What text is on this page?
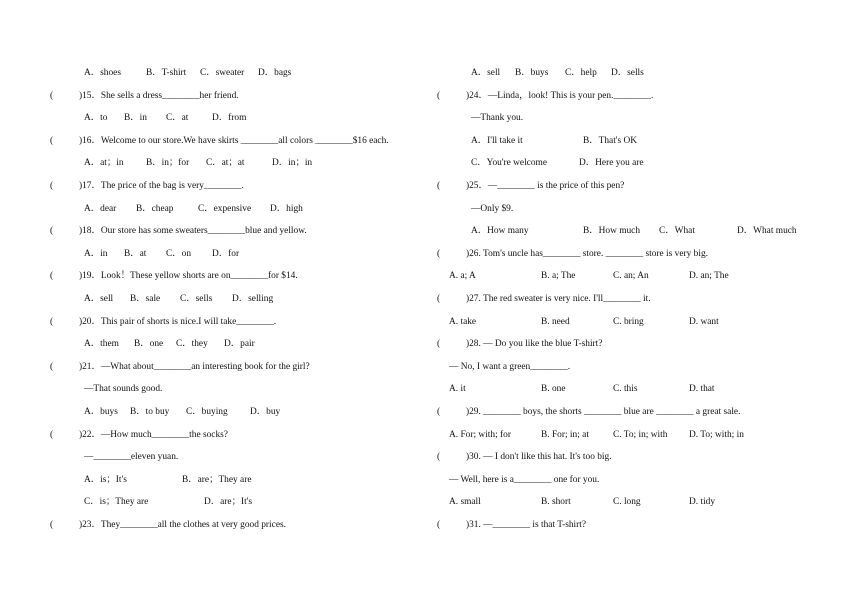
A．shoes	B．T-shirt C．sweater D．bags
(	)15．She sells a dress________her friend.
A．to B．in C．at	D．from
(	)16．Welcome to our store.We have skirts ________all colors ________$16 each.
A．at；in B．in；for C．at；at	D．in；in
(	)17．The price of the bag is very________.
A．dear B．cheap	C．expensive D．high
(	)18．Our store has some sweaters________blue and yellow.
A．in B．at C．on D．for
(	)19．Look！These yellow shorts are on________for $14.
A．sell B．sale C．sells D．selling
(	)20．This pair of shorts is nice.I will take________.
A．them B．one C．they D．pair
(	)21．—What about________an interesting book for the girl?
—That sounds good.
A．buys B．to buy C．buying D．buy
(	)22．—How much________the socks?
—________eleven yuan.
A．is；It's	B．are；They are
C．is；They are	D．are；It's
(	)23．They________all the clothes at very good prices.
A．sell B．buys C．help D．sells
(	)24．—Linda，look! This is your pen.________.
—Thank you.
A．I'll take it	B．That's OK
C．You're welcome	D．Here you are
(	)25．—________ is the price of this pen?
—Only $9.
A．How many	B．How much C．What	D．What much
(	)26. Tom's uncle has________ store. ________ store is very big.
A. a; A	B. a; The	C. an; An	D. an; The
(	)27. The red sweater is very nice. I'll________ it.
A. take	B. need	C. bring	D. want
(	)28. — Do you like the blue T-shirt?
— No, I want a green________.
A. it	B. one	C. this	D. that
(	)29. ________ boys, the shorts ________ blue are ________ a great sale.
A. For; with; for	B. For; in; at	C. To; in; with D. To; with; in
(	)30. — I don't like this hat. It's too big.
— Well, here is a________ one for you.
A. small	B. short	C. long	D. tidy
(	)31. —________ is that T-shirt?
